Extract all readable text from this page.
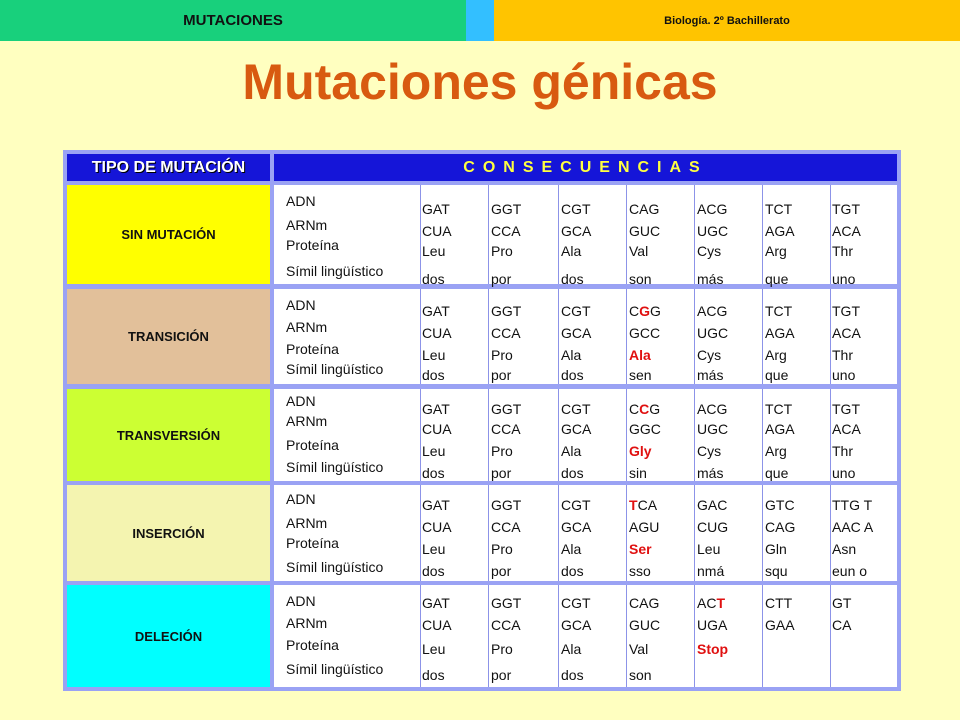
MUTACIONES	Biología. 2º Bachillerato
Mutaciones génicas
TIPO DE MUTACIÓN	CONSECUENCIAS
SIN MUTACIÓN
ADN
ARNm
Proteína
Símil lingüístico
GAT
CUA
Leu
dos
GGT
CCA
Pro
por
CGT
GCA
Ala
dos
CAG
GUC
Val
son
ACG
UGC
Cys
más
TCT
AGA
Arg
que
TGT
ACA
Thr
uno
TRANSICIÓN
ADN
ARNm
Proteína
Símil lingüístico
GAT
CUA
Leu
dos
GGT
CCA
Pro
por
CGT
GCA
Ala
dos
CGG
GCC
Ala
sen
ACG
UGC
Cys
más
TCT
AGA
Arg
que
TGT
ACA
Thr
uno
TRANSVERSIÓN
ADN
ARNm
Proteína
Símil lingüístico
GAT
CUA
Leu
dos
GGT
CCA
Pro
por
CGT
GCA
Ala
dos
CCG
GGC
Gly
sin
ACG
UGC
Cys
más
TCT
AGA
Arg
que
TGT
ACA
Thr
uno
INSERCIÓN
ADN
ARNm
Proteína
Símil lingüístico
GAT
CUA
Leu
dos
GGT
CCA
Pro
por
CGT
GCA
Ala
dos
TCA
AGU
Ser
sso
GAC
CUG
Leu
nmá
GTC
CAG
Gln
squ
TTG T
AAC A
Asn
eun o
DELECIÓN
ADN
ARNm
Proteína
Símil lingüístico
GAT
CUA
Leu
dos
GGT
CCA
Pro
por
CGT
GCA
Ala
dos
CAG
GUC
Val
son
ACT
UGA
Stop
CTT
GAA
GT
CA
